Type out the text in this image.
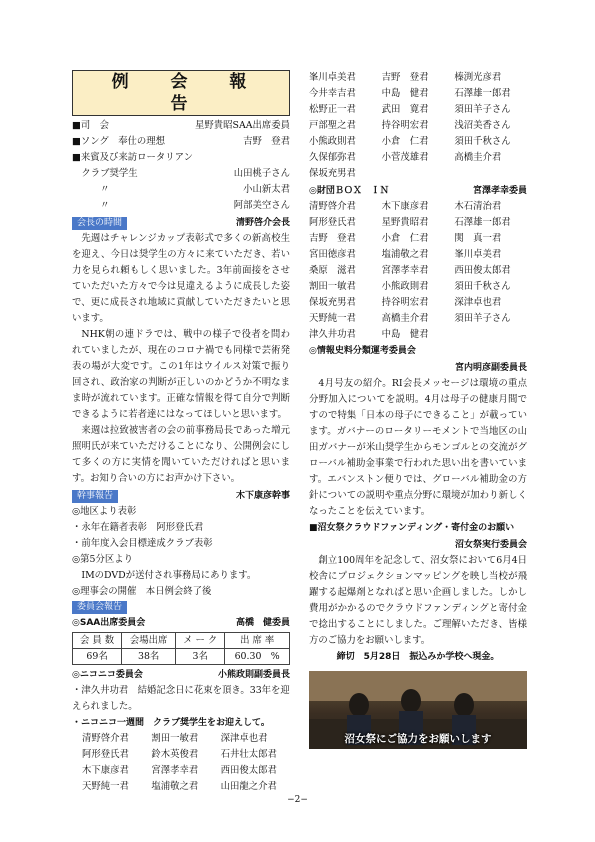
例 会 報 告
■司　会	星野貴昭SAA出席委員
■ソング　奉仕の理想	吉野　登君
■来賓及び来訪ロータリアン
　クラブ奨学生	山田桃子さん
　　　〃	小山新太君
　　　〃	阿部美空さん
会長の時間	清野啓介会長

先週はチャレンジカップ表彰式で多くの新高校生を迎え、今日は奨学生の方々に来ていただき、若い力を見られ頼もしく思いました。3年前面接をさせていただいた方々で今は見違えるように成長した姿で、更に成長され地域に貢献していただきたいと思います。

NHK朝の連ドラでは、戦中の様子で役者を問われていましたが、現在のコロナ禍でも同様で芸術発表の場が大変です。この1年はウイルス対策で振り回され、政治家の判断が正しいのかどうか不明なまま時が流れています。正確な情報を得て自分で判断できるように若者達にはなってほしいと思います。

来週は拉致被害者の会の前事務局長であった増元照明氏が来ていただけることになり、公開例会にして多くの方に実情を聞いていただければと思います。お知り合いの方にお声かけ下さい。

幹事報告	木下康彦幹事
◎地区より表彰
・永年在籍者表彰　阿形登氏君
・前年度入会目標達成クラブ表彰
◎第5分区より
　IMのDVDが送付され事務局にあります。
◎理事会の開催　本日例会終了後
委員会報告
◎SAA出席委員会	高橋　健委員
会 員 数	会場出席	メ ー ク	出 席 率
69名	38名	3名	60.30　%
◎ニコニコ委員会	小熊政則副委員長
・津久井功君　結婚記念日に花束を頂き。33年を迎えられました。
・ニコニコ一週間　クラブ奨学生をお迎えして。
清野啓介君	割田一敏君	深津卓也君
阿形登氏君	鈴木英俊君	石井壮太郎君
木下康彦君	宮澤孝幸君	西田俊太郎君
天野純一君	塩浦敬之君	山田龍之介君
峯川卓美君	吉野　登君	榛渕光彦君
今井幸吉君	中島　健君	石澤雄一郎君
松野正一君	武田　寛君	須田羊子さん
戸部聖之君	持谷明宏君	浅沼美香さん
小熊政則君	小倉　仁君	須田千秋さん
久保郁弥君	小菅茂雄君	高橋圭介君
保坂充男君
◎財団ＢＯＸ　ＩＮ	宮澤孝幸委員
清野啓介君	木下康彦君	木石清治君
阿形登氏君	星野貴昭君	石澤雄一郎君
吉野　登君	小倉　仁君	関　真一君
宮田徳彦君	塩浦敬之君	峯川卓美君
桑原　滋君	宮澤孝幸君	西田俊太郎君
割田一敏君	小熊政則君	須田千秋さん
保坂充男君	持谷明宏君	深津卓也君
天野純一君	高橋圭介君	須田羊子さん
津久井功君	中島　健君
◎情報史料分類運考委員会
宮内明彦副委員長

4月号友の紹介。RI会長メッセージは環境の重点分野加入についてを説明。4月は母子の健康月間ですので特集「日本の母子にできること」が載っています。ガバナーのロータリーモメントで当地区の山田ガバナーが米山奨学生からモンゴルとの交流がグローバル補助金事業で行われた思い出を書いています。エバンストン便りでは、グローバル補助金の方針についての説明や重点分野に環境が加わり新しくなったことを伝えています。

■沼女祭クラウドファンディング・寄付金のお願い
沼女祭実行委員会

創立100周年を記念して、沼女祭において6月4日校舎にプロジェクションマッピングを映し当校が飛躍する起爆剤となればと思い企画しました。しかし費用がかかるのでクラウドファンディングと寄付金で捻出することにしました。ご理解いただき、皆様方のご協力をお願いします。

締切　5月28日　振込みか学校へ現金。
沼女祭にご協力をお願いします
−2−
